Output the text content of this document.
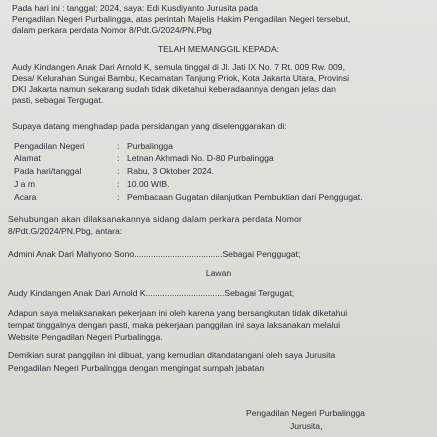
Pada hari ini : tanggal: 2024, saya: Edi Kusdiyanto Jurusita pada
Pengadilan Negeri Purbalingga, atas perintah Majelis Hakim Pengadilan Negeri tersebut,
dalam perkara perdata Nomor 8/Pdt.G/2024/PN.Pbg
TELAH MEMANGGIL KEPADA:
Audy Kindangen Anak Dari Arnold K, semula tinggal di Jl. Jati IX No. 7 Rt. 009 Rw. 009,
Desa/ Kelurahan Sungai Bambu, Kecamatan Tanjung Priok, Kota Jakarta Utara, Provinsi
DKI Jakarta namun sekarang sudah tidak diketahui keberadaannya dengan jelas dan
pasti, sebagai Tergugat.
Supaya datang menghadap pada persidangan yang diselenggarakan di:
Pengadilan Negeri	: Purbalingga
Alamat	: Letnan Akhmadi No. D-80 Purbalingga
Pada hari/tanggal	: Rabu, 3 Oktober 2024.
J a m	: 10.00 WIB.
Acara	: Pembacaan Gugatan dilanjutkan Pembuktian dari Penggugat.
Sehubungan akan dilaksanakannya sidang dalam perkara perdata Nomor
8/Pdt.G/2024/PN.Pbg, antara:
Admini Anak Dari Mahyono Sono.....................................Sebagai Penggugat;
Lawan
Audy Kindangen Anak Dari Arnold K.................................Sebagai Tergugat;
Adapun saya melaksanakan pekerjaan ini oleh karena yang bersangkutan tidak diketahui
tempat tinggalnya dengan pasti, maka pekerjaan panggilan ini saya laksanakan melalui
Website Pengadilan Negeri Purbalingga.
Demikian surat panggilan ini dibuat, yang kemudian ditandatangani oleh saya Jurusita
Pengadilan Negeri Purbalingga dengan mengingat sumpah jabatan
Pengadilan Negeri Purbalingga
Jurusita,
